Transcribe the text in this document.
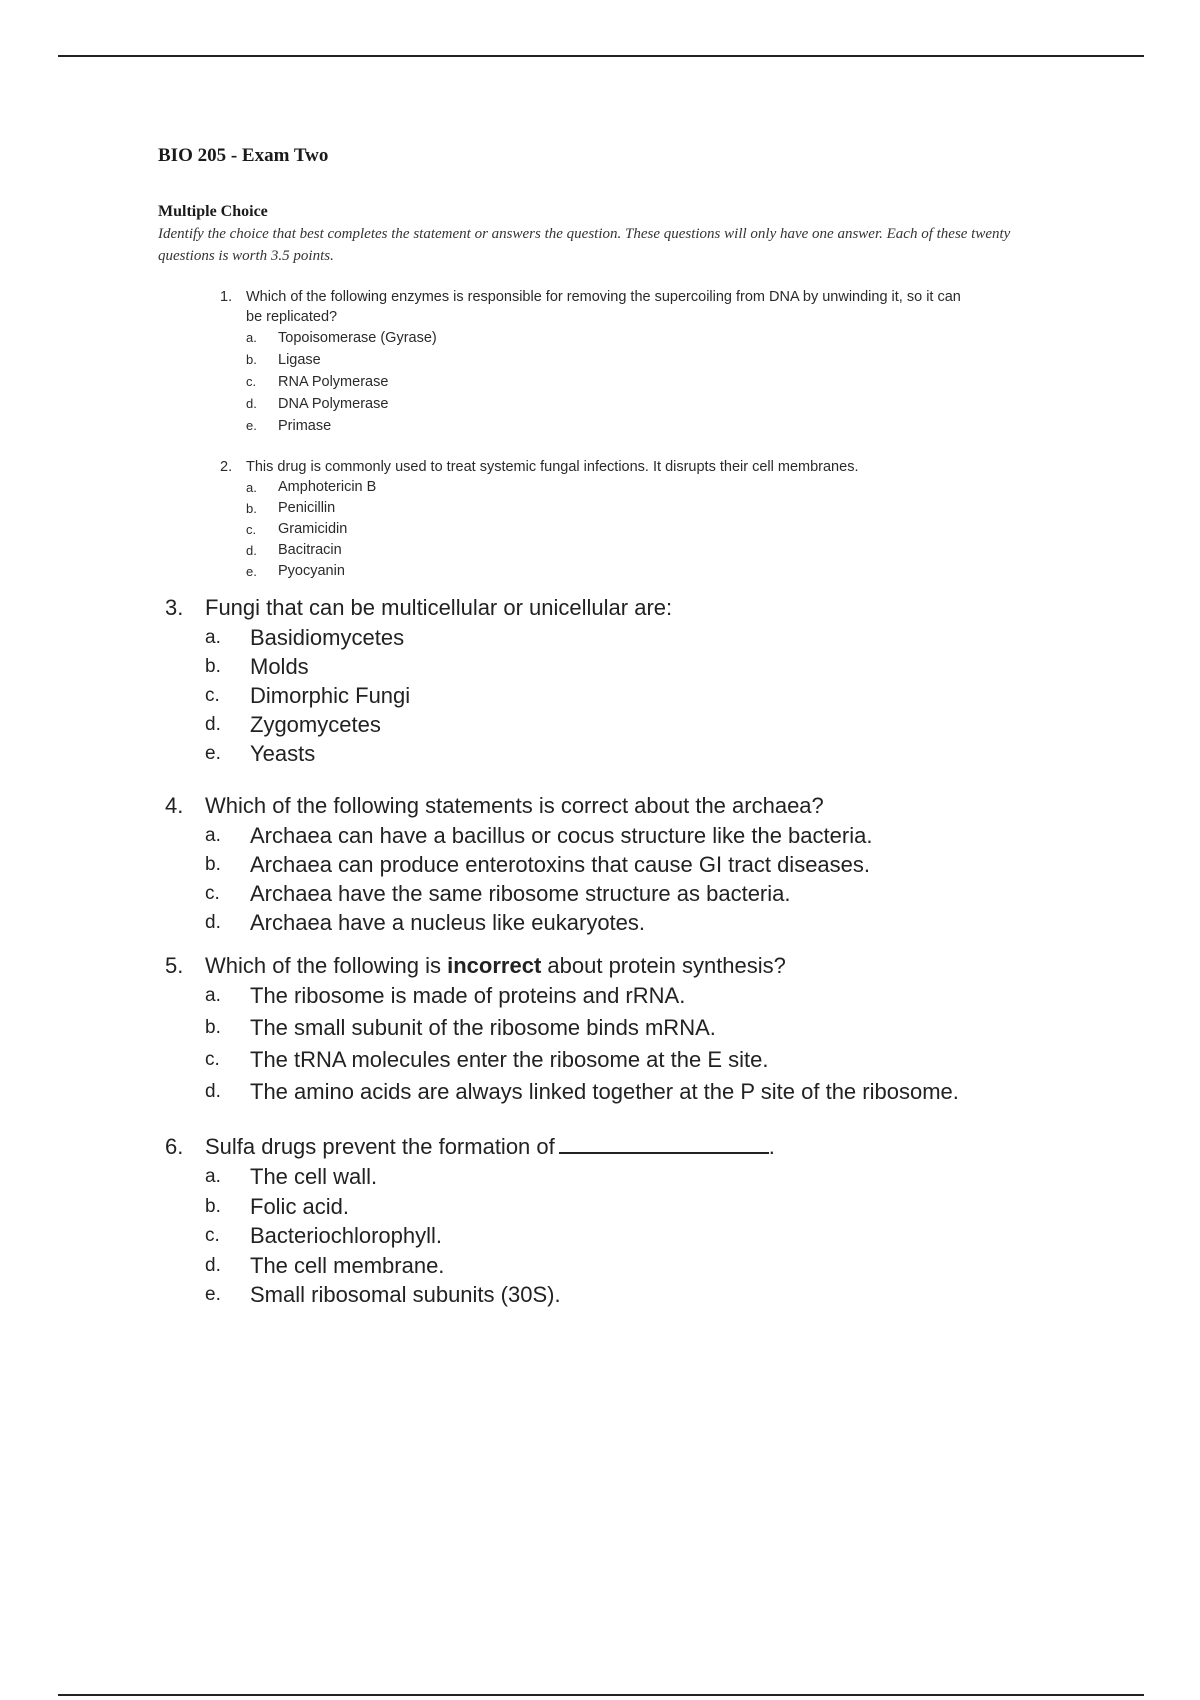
BIO 205 - Exam Two
Multiple Choice
Identify the choice that best completes the statement or answers the question. These questions will only have one answer. Each of these twenty questions is worth 3.5 points.
1. Which of the following enzymes is responsible for removing the supercoiling from DNA by unwinding it, so it can be replicated?
a. Topoisomerase (Gyrase)
b. Ligase
c. RNA Polymerase
d. DNA Polymerase
e. Primase
2. This drug is commonly used to treat systemic fungal infections. It disrupts their cell membranes.
a. Amphotericin B
b. Penicillin
c. Gramicidin
d. Bacitracin
e. Pyocyanin
3. Fungi that can be multicellular or unicellular are:
a. Basidiomycetes
b. Molds
c. Dimorphic Fungi
d. Zygomycetes
e. Yeasts
4. Which of the following statements is correct about the archaea?
a. Archaea can have a bacillus or cocus structure like the bacteria.
b. Archaea can produce enterotoxins that cause GI tract diseases.
c. Archaea have the same ribosome structure as bacteria.
d. Archaea have a nucleus like eukaryotes.
5. Which of the following is incorrect about protein synthesis?
a. The ribosome is made of proteins and rRNA.
b. The small subunit of the ribosome binds mRNA.
c. The tRNA molecules enter the ribosome at the E site.
d. The amino acids are always linked together at the P site of the ribosome.
6. Sulfa drugs prevent the formation of	.
a. The cell wall.
b. Folic acid.
c. Bacteriochlorophyll.
d. The cell membrane.
e. Small ribosomal subunits (30S).
